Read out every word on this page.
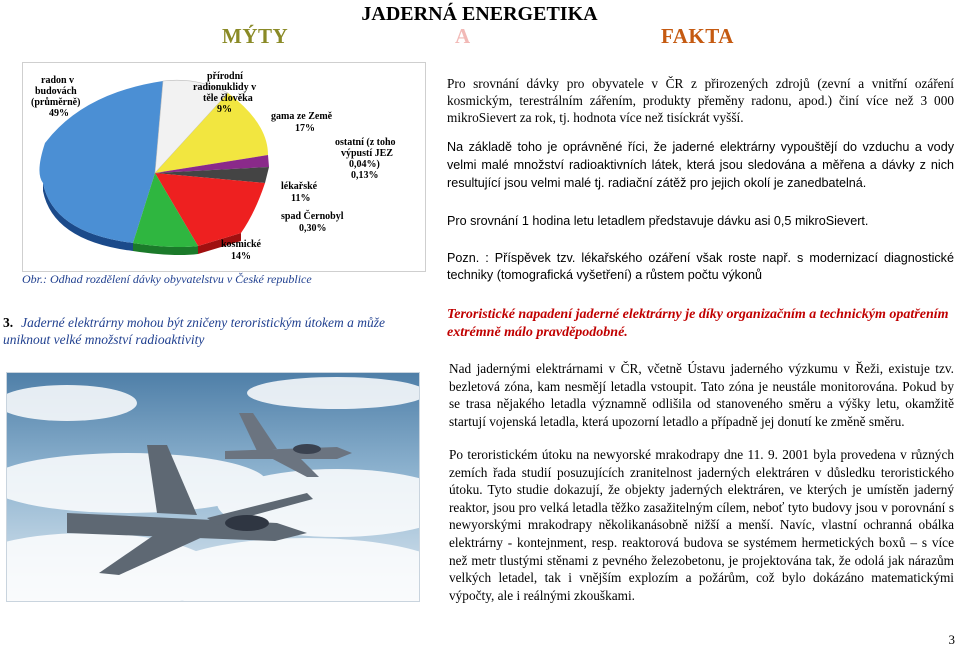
JADERNÁ ENERGETIKA
MÝTY	A	FAKTA
radon v
budovách
(průměrně)
49%
přírodní
radionuklidy v
těle člověka
9%
gama ze Země
17%
ostatní (z toho
výpustí JEZ
0,04%)
0,13%
lékařské
11%
spad Černobyl
0,30%
kosmické
14%
Obr.: Odhad rozdělení dávky obyvatelstvu v České republice
3. Jaderné elektrárny mohou být zničeny teroristickým útokem a může uniknout velké množství radioaktivity
Pro srovnání dávky pro obyvatele v ČR z přirozených zdrojů (zevní a vnitřní ozáření kosmickým, terestrálním zářením, produkty přeměny radonu, apod.) činí více než 3 000 mikroSievert za rok, tj. hodnota více než tisíckrát vyšší.
Na základě toho je oprávněné říci, že jaderné elektrárny vypouštějí do vzduchu a vody velmi malé množství radioaktivních látek, která jsou sledována a měřena a dávky z nich resultující jsou velmi malé tj. radiační zátěž pro jejich okolí je zanedbatelná.
Pro srovnání 1 hodina letu letadlem představuje dávku asi 0,5 mikroSievert.
Pozn. : Příspěvek tzv. lékařského ozáření však roste např. s modernizací diagnostické techniky (tomografická vyšetření) a růstem počtu výkonů
Teroristické napadení jaderné elektrárny je díky organizačním a technickým opatřením extrémně málo pravděpodobné.
Nad jadernými elektrárnami v ČR, včetně Ústavu jaderného výzkumu v Řeži, existuje tzv. bezletová zóna, kam nesmějí letadla vstoupit. Tato zóna je neustále monitorována. Pokud by se trasa nějakého letadla významně odlišila od stanoveného směru a výšky letu, okamžitě startují vojenská letadla, která upozorní letadlo a případně jej donutí ke změně směru.
Po teroristickém útoku na newyorské mrakodrapy dne 11. 9. 2001 byla provedena v různých zemích řada studií posuzujících zranitelnost jaderných elektráren v důsledku teroristického útoku. Tyto studie dokazují, že objekty jaderných elektráren, ve kterých je umístěn jaderný reaktor, jsou pro velká letadla těžko zasažitelným cílem, neboť tyto budovy jsou v porovnání s newyorskými mrakodrapy několikanásobně nižší a menší. Navíc, vlastní ochranná obálka elektrárny - kontejnment, resp. reaktorová budova se systémem hermetických boxů – s více než metr tlustými stěnami z pevného železobetonu, je projektována tak, že odolá jak nárazům velkých letadel, tak i vnějším explozím a požárům, což bylo dokázáno matematickými výpočty, ale i reálnými zkouškami.
3
